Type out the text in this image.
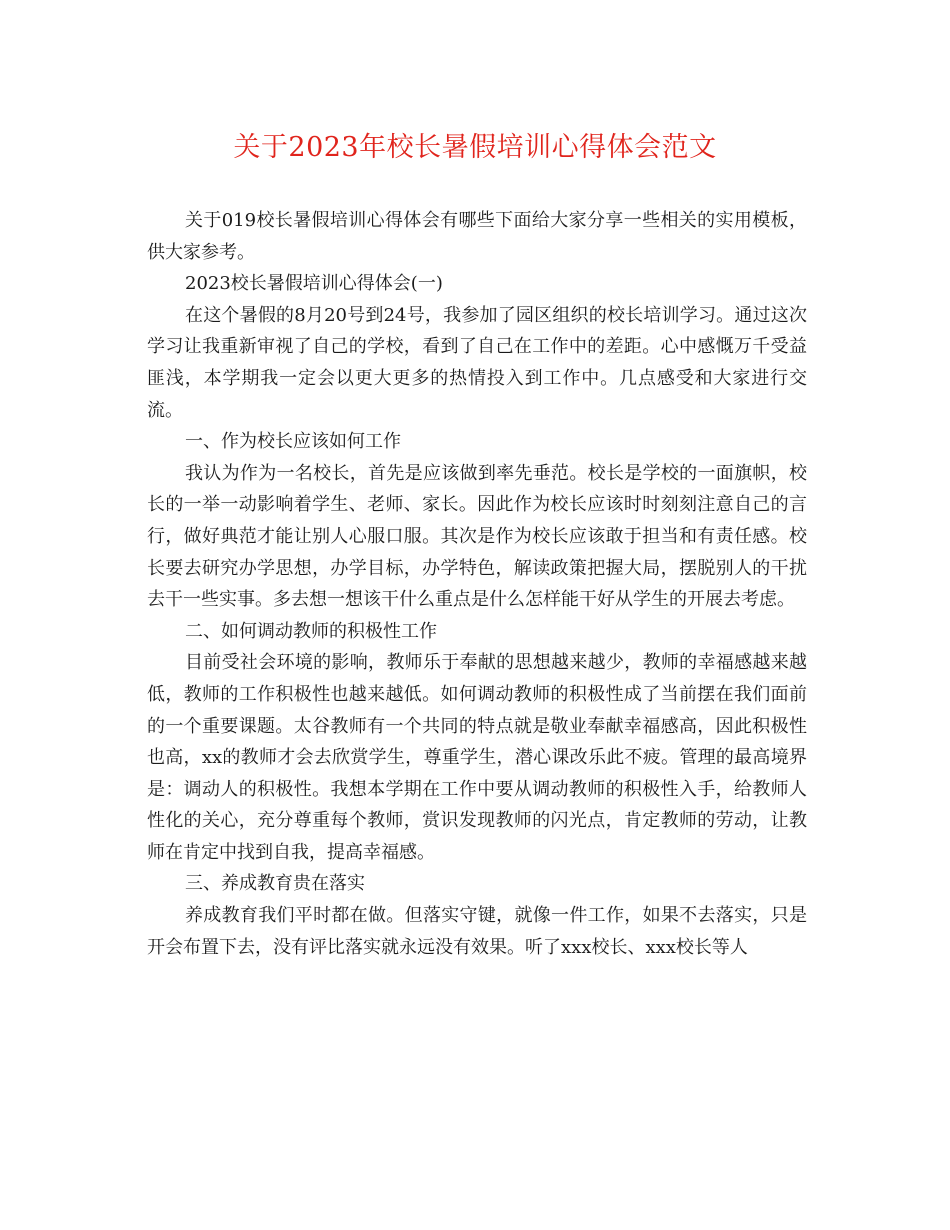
关于2023年校长暑假培训心得体会范文

关于019校长暑假培训心得体会有哪些下面给大家分享一些相关的实用模板，供大家参考。

2023校长暑假培训心得体会(一)

在这个暑假的8月20号到24号，我参加了园区组织的校长培训学习。通过这次学习让我重新审视了自己的学校，看到了自己在工作中的差距。心中感慨万千受益匪浅，本学期我一定会以更大更多的热情投入到工作中。几点感受和大家进行交流。

一、作为校长应该如何工作

我认为作为一名校长，首先是应该做到率先垂范。校长是学校的一面旗帜，校长的一举一动影响着学生、老师、家长。因此作为校长应该时时刻刻注意自己的言行，做好典范才能让别人心服口服。其次是作为校长应该敢于担当和有责任感。校长要去研究办学思想，办学目标，办学特色，解读政策把握大局，摆脱别人的干扰去干一些实事。多去想一想该干什么重点是什么怎样能干好从学生的开展去考虑。

二、如何调动教师的积极性工作

目前受社会环境的影响，教师乐于奉献的思想越来越少，教师的幸福感越来越低，教师的工作积极性也越来越低。如何调动教师的积极性成了当前摆在我们面前的一个重要课题。太谷教师有一个共同的特点就是敬业奉献幸福感高，因此积极性也高，xx的教师才会去欣赏学生，尊重学生，潜心课改乐此不疲。管理的最高境界是：调动人的积极性。我想本学期在工作中要从调动教师的积极性入手，给教师人性化的关心，充分尊重每个教师，赏识发现教师的闪光点，肯定教师的劳动，让教师在肯定中找到自我，提高幸福感。

三、养成教育贵在落实

养成教育我们平时都在做。但落实守键，就像一件工作，如果不去落实，只是开会布置下去，没有评比落实就永远没有效果。听了xxx校长、xxx校长等人
